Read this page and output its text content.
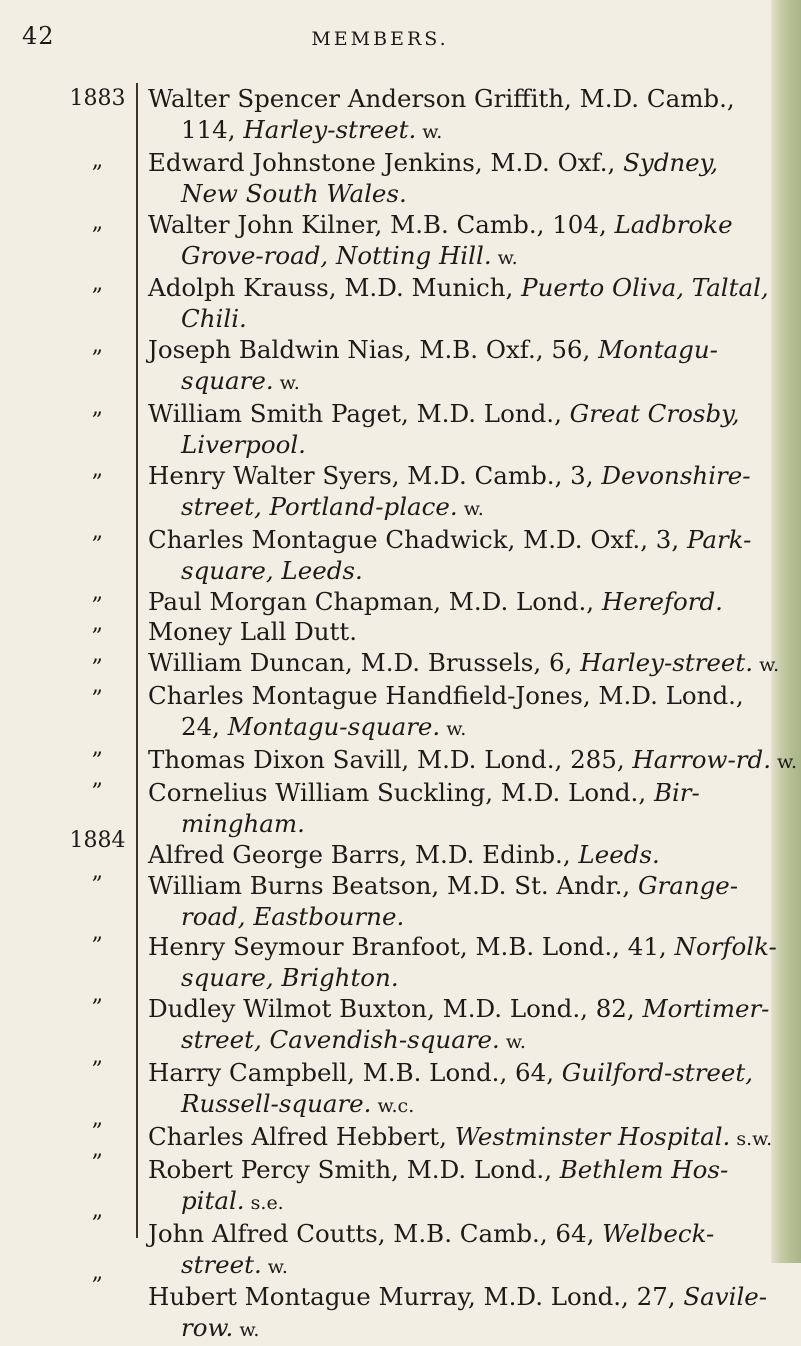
42	MEMBERS.
1883
„
„
„
„
„
„
„
„
„
„
„
„
„
1884
„
„
„
„
„
„
„
„
Walter Spencer Anderson Griffith, M.D. Camb.,
114, Harley-street. w.
Edward Johnstone Jenkins, M.D. Oxf., Sydney,
New South Wales.
Walter John Kilner, M.B. Camb., 104, Ladbroke
Grove-road, Notting Hill. w.
Adolph Krauss, M.D. Munich, Puerto Oliva, Taltal,
Chili.
Joseph Baldwin Nias, M.B. Oxf., 56, Montagu-
square. w.
William Smith Paget, M.D. Lond., Great Crosby,
Liverpool.
Henry Walter Syers, M.D. Camb., 3, Devonshire-
street, Portland-place. w.
Charles Montague Chadwick, M.D. Oxf., 3, Park-
square, Leeds.
Paul Morgan Chapman, M.D. Lond., Hereford.
Money Lall Dutt.
William Duncan, M.D. Brussels, 6, Harley-street. w.
Charles Montague Handfield-Jones, M.D. Lond.,
24, Montagu-square. w.
Thomas Dixon Savill, M.D. Lond., 285, Harrow-rd. w.
Cornelius William Suckling, M.D. Lond., Bir-
mingham.
Alfred George Barrs, M.D. Edinb., Leeds.
William Burns Beatson, M.D. St. Andr., Grange-
road, Eastbourne.
Henry Seymour Branfoot, M.B. Lond., 41, Norfolk-
square, Brighton.
Dudley Wilmot Buxton, M.D. Lond., 82, Mortimer-
street, Cavendish-square. w.
Harry Campbell, M.B. Lond., 64, Guilford-street,
Russell-square. w.c.
Charles Alfred Hebbert, Westminster Hospital. s.w.
Robert Percy Smith, M.D. Lond., Bethlem Hos-
pital. s.e.
John Alfred Coutts, M.B. Camb., 64, Welbeck-
street. w.
Hubert Montague Murray, M.D. Lond., 27, Savile-
row. w.
